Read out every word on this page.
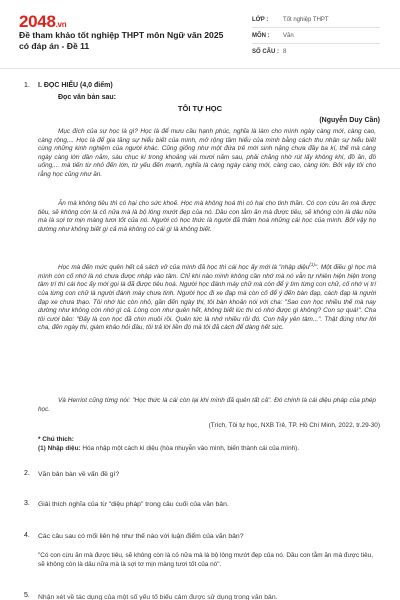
2048.vn
Đề tham khảo tốt nghiệp THPT môn Ngữ văn 2025 có đáp án - Đề 11
LỚP :	Tốt nghiệp THPT
MÔN :	Văn
SỐ CÂU : 8
1. I. ĐỌC HIỂU (4,0 điểm)
Đọc văn bản sau:
TÔI TỰ HỌC
(Nguyễn Duy Cần)
Mục đích của sự học là gì? Học là để mưu cầu hạnh phúc, nghĩa là làm cho mình ngày càng mới, càng cao, càng rộng,... Học là để gia tăng sự hiểu biết của mình, mở rộng tầm hiểu của mình bằng cách thu nhận sự hiểu biết cùng những kinh nghiệm của người khác. Cũng giống như một đứa trẻ mới sinh nặng chưa đầy ba kí, thế mà càng ngày càng lớn dần năm, sáu chục kí trong khoảng vài mươi năm sau, phải chăng nhờ rút lấy không khí, đồ ăn, đồ uống,... mà tiến từ nhỏ đến lớn, từ yếu đến mạnh, nghĩa là càng ngày càng mới, càng cao, càng lớn. Bởi vậy tôi cho rằng học cũng như ăn.
Ăn mà không tiêu thì có hại cho sức khoẻ. Học mà không hoá thì có hại cho tinh thần. Có con cừu ăn mà được tiêu, sẽ không còn là cỏ nữa mà là bộ lông mướt đẹp của nó. Dầu con tằm ăn mà được tiêu, sẽ không còn là dâu nữa mà là sợi tơ mịn màng tươi tốt của nó. Người có học thức là người đã thâm hoá những cái học của mình. Bởi vậy họ dường như không biết gì cả mà không có cái gì là không biết.
Học mà đến mức quên hết cả sách vở của mình đã học thì cái học ấy mới là "nhập diệu$^{(1)}$". Một điều gì học mà mình còn cố nhớ là nó chưa được nhập vào tâm. Chỉ khi nào mình không cần nhớ mà nó vẫn tự nhiên hiện hiện trong tâm trí thì cái học ấy mới gọi là đã được tiêu hoá. Người học đánh máy chữ mà còn để ý tìm từng con chữ, cố nhớ vị trí của từng con chữ là người đánh máy chưa tinh. Người học đi xe đạp mà còn cố để ý đến bàn đạp, cách đạp là người đạp xe chưa thạo. Tôi nhớ lúc còn nhỏ, gần đến ngày thi, tôi bàn khoản nói với cha: "Sao con học nhiều thế mà nay dường như không còn nhớ gì cả. Lòng con như quên hết, không biết lúc thi có nhớ được gì không? Con sợ quá!". Cha tôi cười bảo: "Đấy là con học đã chín muồi rồi. Quên tức là nhớ nhiều rồi đó. Con hãy yên tâm...". Thật đúng như lời cha, đến ngày thi, giám khảo hỏi đâu, tôi trả lời liền đó mà tôi đã cách để dàng hết sức.
Và Herriot cũng từng nói: "Học thức là cái còn lại khi mình đã quên tất cả". Đó chính là cái diệu pháp của phép học.
(Trích, Tôi tự học, NXB Trẻ, TP. Hồ Chí Minh, 2022, tr.29-30)
* Chú thích:
(1) Nhập diệu: Hóa nhập một cách kì diệu (hòa nhuyễn vào mình, biến thành cái của mình).
2. Văn bản bàn về vấn đề gì?
3. Giải thích nghĩa của từ "diệu pháp" trong câu cuối của văn bản.
4. Các câu sau có mối liên hệ như thế nào với luận điểm của văn bản?
"Có con cừu ăn mà được tiêu, sẽ không còn là cỏ nữa mà là bộ lông mướt đẹp của nó. Dầu con tằm ăn mà được tiêu, sẽ không còn là dâu nữa mà là sợi tơ mịn màng tươi tốt của nó".
5. Nhận xét về tác dụng của một số yếu tố biểu cảm được sử dụng trong văn bản.
